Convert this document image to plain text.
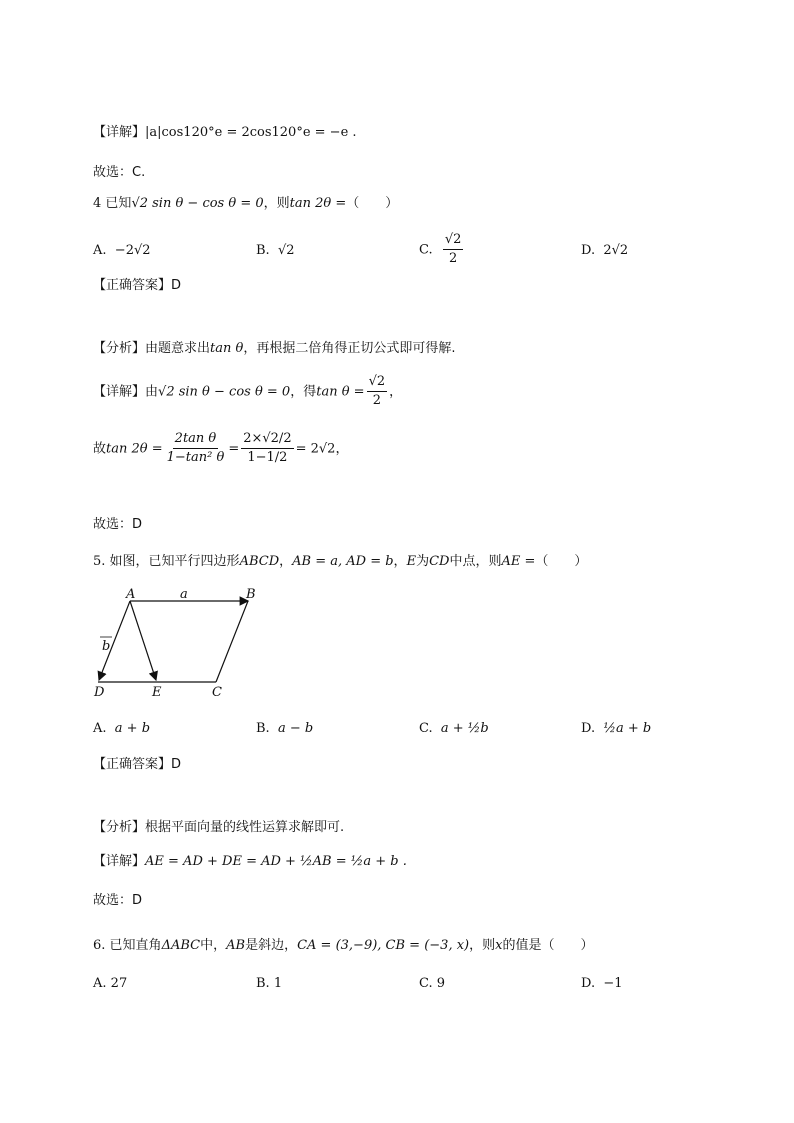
【详解】|a|cos120°e = 2cos120°e = −e .
故选：C.
4 已知√2 sin θ − cos θ = 0，则tan 2θ =（　　）
A. −2√2	B. √2	C. $\frac{√2}{2}$	D. 2√2
【正确答案】D
【分析】由题意求出tan θ，再根据二倍角得正切公式即可得解.
【详解】由√2 sin θ − cos θ = 0，得$\tan \theta = \frac{√2}{2}$ ，
故$\tan 2\theta = \frac{\text{2tan θ}}{\text{1−tan² θ}} = \frac{2\times√2/2}{1-1/2} = 2√2$，
故选：D
5. 如图，已知平行四边形ABCD，AB = a, AD = b，E为CD中点，则AE =（　　）
A	B
C
D	E
a
b
A. a + b	B. a − b	C. a + ½b	D. ½a + b
【正确答案】D
【分析】根据平面向量的线性运算求解即可.
【详解】AE = AD + DE = AD + ½AB = ½a + b .
故选：D
6. 已知直角ΔABC中，AB是斜边，CA = (3,−9), CB = (−3, x)，则x的值是（　　）
A. 27	B. 1	C. 9	D. −1
